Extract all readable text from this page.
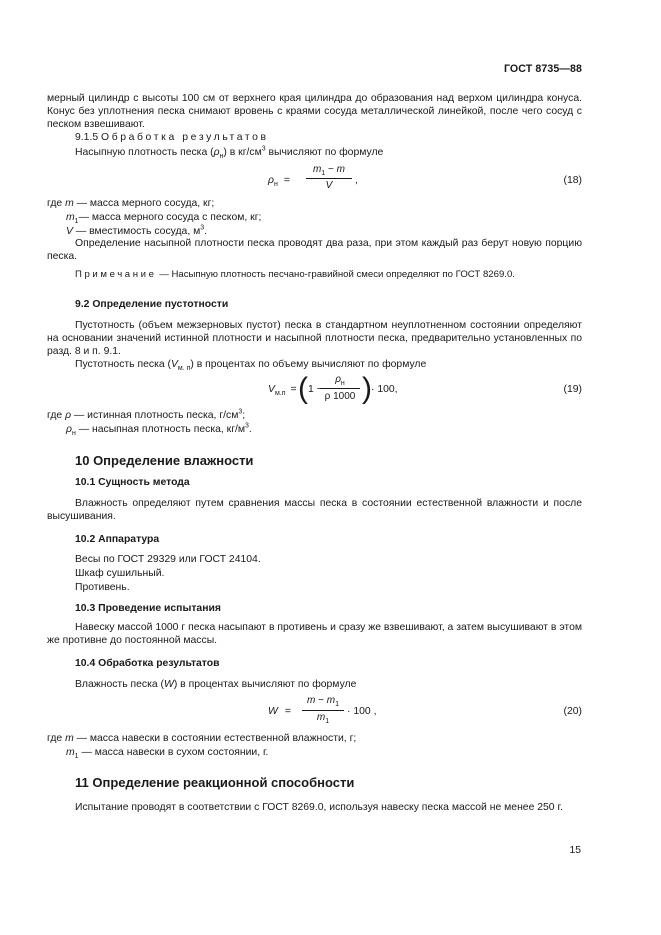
ГОСТ 8735—88
мерный цилиндр с высоты 100 см от верхнего края цилиндра до образования над верхом цилиндра конуса. Конус без уплотнения песка снимают вровень с краями сосуда металлической линейкой, после чего сосуд с песком взвешивают.
9.1.5 Обработка результатов
Насыпную плотность песка $(\rho_н)$ в $кг/см^3$ вычисляют по формуле
$\rho_н$ =
$m_1 - m$
V	,	(18)
где m — масса мерного сосуда, кг;
$m_1—$ масса мерного сосуда с песком, кг;
V — вместимость сосуда, $м^3$.
Определение насыпной плотности песка проводят два раза, при этом каждый раз берут новую порцию песка.
Примечание — Насыпную плотность песчано-гравийной смеси определяют по ГОСТ 8269.0.
9.2 Определение пустотности
Пустотность (объем межзерновых пустот) песка в стандартном неуплотненном состоянии определяют на основании значений истинной плотности и насыпной плотности песка, предварительно установленных по разд. 8 и п. 9.1.
Пустотность песка $(V_{м. п})$ в процентах по объему вычисляют по формуле
$V_{м.п}$ = ( 1 −
$\rho_н$
ρ 1000 ) · 100,	(19)
где ρ — истинная плотность песка, $г/см^3$;
$\rho_н$ — насыпная плотность песка, $кг/м^3$.
10 Определение влажности
10.1 Сущность метода
Влажность определяют путем сравнения массы песка в состоянии естественной влажности и после высушивания.
10.2 Аппаратура
Весы по ГОСТ 29329 или ГОСТ 24104.
Шкаф сушильный.
Противень.
10.3 Проведение испытания
Навеску массой 1000 г песка насыпают в противень и сразу же взвешивают, а затем высушивают в этом же противне до постоянной массы.
10.4 Обработка результатов
Влажность песка (W) в процентах вычисляют по формуле
W =
$m - m_1$
$m_1$
· 100 ,	(20)
где m — масса навески в состоянии естественной влажности, г;
$m_1$ — масса навески в сухом состоянии, г.
11 Определение реакционной способности
Испытание проводят в соответствии с ГОСТ 8269.0, используя навеску песка массой не менее 250 г.
15
